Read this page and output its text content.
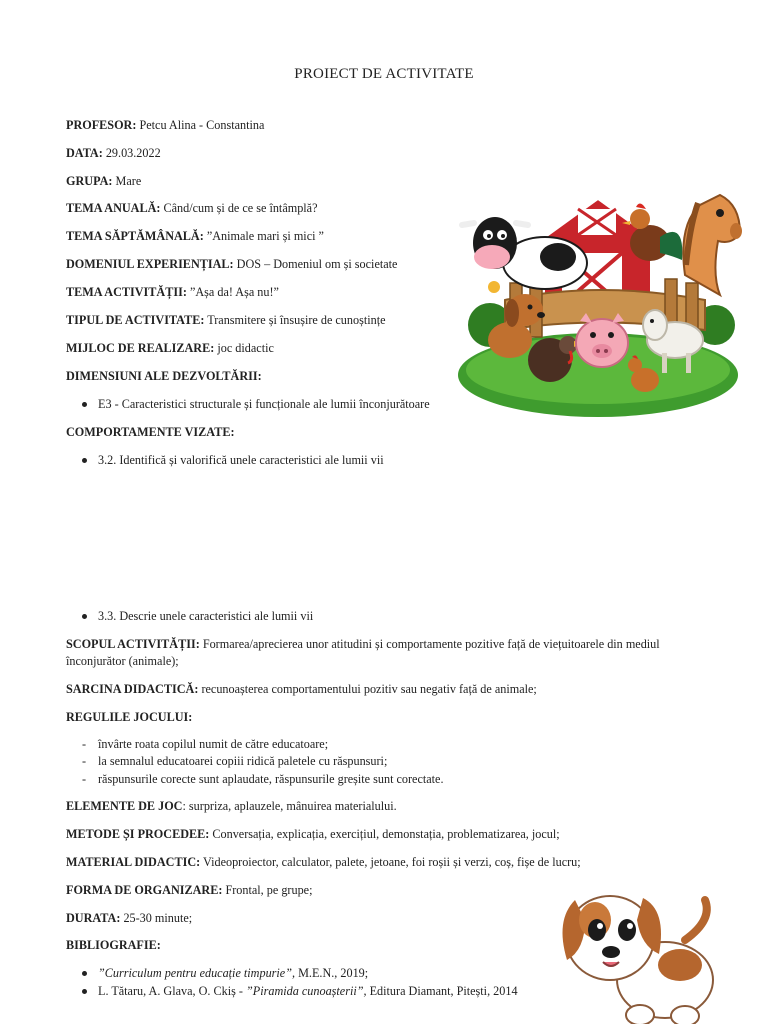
PROIECT DE ACTIVITATE
PROFESOR: Petcu Alina - Constantina
DATA: 29.03.2022
GRUPA: Mare
TEMA ANUALĂ: Când/cum și de ce se întâmplă?
TEMA SĂPTĂMÂNALĂ: ”Animale mari și mici ”
DOMENIUL EXPERIENȚIAL: DOS – Domeniul om și societate
TEMA ACTIVITĂȚII: ”Așa da! Așa nu!”
TIPUL DE ACTIVITATE: Transmitere și însușire de cunoștințe
MIJLOC DE REALIZARE: joc didactic
DIMENSIUNI ALE DEZVOLTĂRII:
E3 - Caracteristici structurale și funcționale ale lumii înconjurătoare
COMPORTAMENTE VIZATE:
3.2. Identifică și valorifică unele caracteristici ale lumii vii
3.3. Descrie unele caracteristici ale lumii vii
SCOPUL ACTIVITĂȚII: Formarea/aprecierea unor atitudini și comportamente pozitive față de viețuitoarele din mediul înconjurător (animale);
SARCINA DIDACTICĂ: recunoașterea comportamentului pozitiv sau negativ față de animale;
REGULILE JOCULUI:
- învârte roata copilul numit de către educatoare;
- la semnalul educatoarei copiii ridică paletele cu răspunsuri;
- răspunsurile corecte sunt aplaudate, răspunsurile greșite sunt corectate.
ELEMENTE DE JOC: surpriza, aplauzele, mânuirea materialului.
METODE ȘI PROCEDEE: Conversația, explicația, exercițiul, demonstația, problematizarea, jocul;
MATERIAL DIDACTIC: Videoproiector, calculator, palete, jetoane, foi roșii și verzi, coș, fișe de lucru;
FORMA DE ORGANIZARE: Frontal, pe grupe;
DURATA: 25-30 minute;
BIBLIOGRAFIE:
”Curriculum pentru educație timpurie”, M.E.N., 2019;
L. Tătaru, A. Glava, O. Ckiș - ”Piramida cunoașterii”, Editura Diamant, Pitești, 2014
